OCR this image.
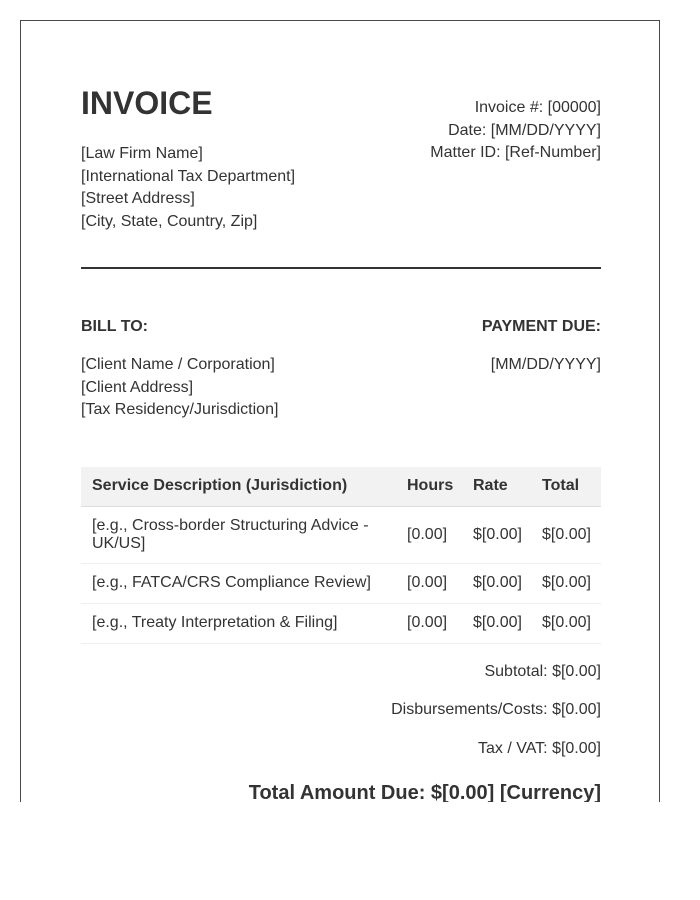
INVOICE
[Law Firm Name]
[International Tax Department]
[Street Address]
[City, State, Country, Zip]
Invoice #: [00000]
Date: [MM/DD/YYYY]
Matter ID: [Ref-Number]
BILL TO:	PAYMENT DUE:
[Client Name / Corporation]
[Client Address]
[Tax Residency/Jurisdiction]
[MM/DD/YYYY]
Service Description (Jurisdiction)	Hours	Rate	Total
[e.g., Cross-border Structuring Advice - UK/US]	[0.00]	$[0.00]	$[0.00]
[e.g., FATCA/CRS Compliance Review]	[0.00]	$[0.00]	$[0.00]
[e.g., Treaty Interpretation & Filing]	[0.00]	$[0.00]	$[0.00]
Subtotal: $[0.00]
Disbursements/Costs: $[0.00]
Tax / VAT: $[0.00]
Total Amount Due: $[0.00] [Currency]
